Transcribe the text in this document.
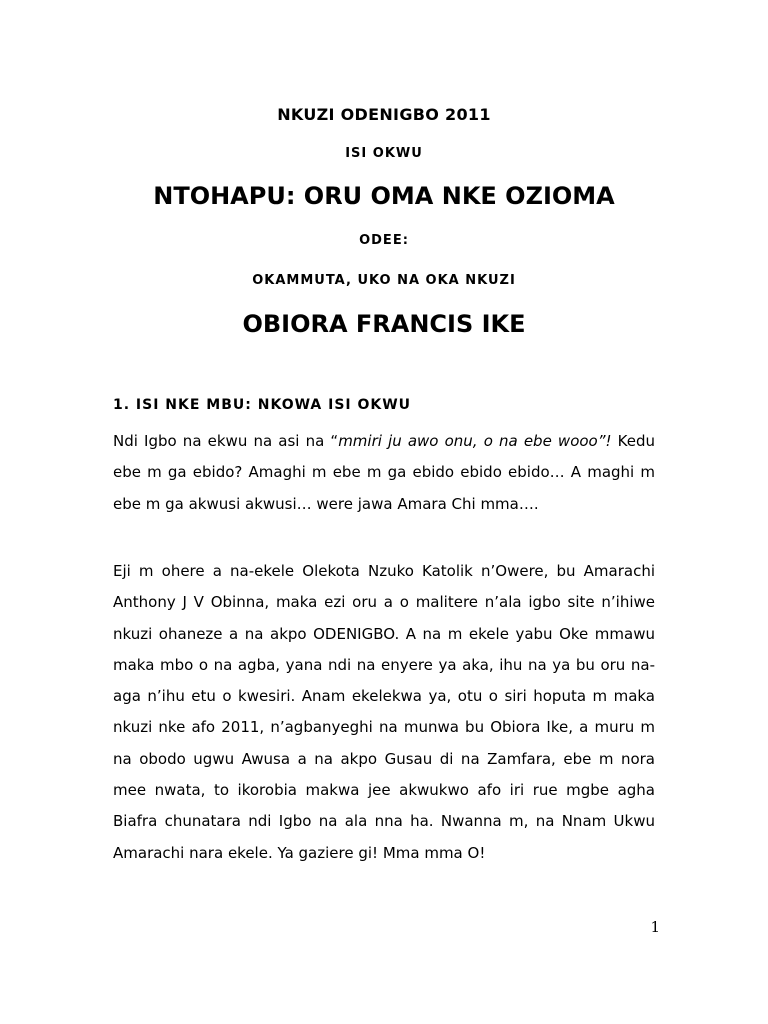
NKUZI ODENIGBO 2011
ISI OKWU
NTOHAPU: ORU OMA NKE OZIOMA
ODEE:
OKAMMUTA, UKO NA OKA NKUZI
OBIORA FRANCIS IKE
1. ISI NKE MBU: NKOWA ISI OKWU

Ndi Igbo na ekwu na asi na “mmiri ju awo onu, o na ebe wooo”! Kedu ebe m ga ebido? Amaghi m ebe m ga ebido ebido ebido… A maghi m ebe m ga akwusi akwusi… were jawa Amara Chi mma….

Eji m ohere a na-ekele Olekota Nzuko Katolik n’Owere, bu Amarachi Anthony J V Obinna, maka ezi oru a o malitere n’ala igbo site n’ihiwe nkuzi ohaneze a na akpo ODENIGBO. A na m ekele yabu Oke mmawu maka mbo o na agba, yana ndi na enyere ya aka, ihu na ya bu oru na-aga n’ihu etu o kwesiri. Anam ekelekwa ya, otu o siri hoputa m maka nkuzi nke afo 2011, n’agbanyeghi na munwa bu Obiora Ike, a muru m na obodo ugwu Awusa a na akpo Gusau di na Zamfara, ebe m nora mee nwata, to ikorobia makwa jee akwukwo afo iri rue mgbe agha Biafra chunatara ndi Igbo na ala nna ha. Nwanna m, na Nnam Ukwu Amarachi nara ekele. Ya gaziere gi! Mma mma O!

1
